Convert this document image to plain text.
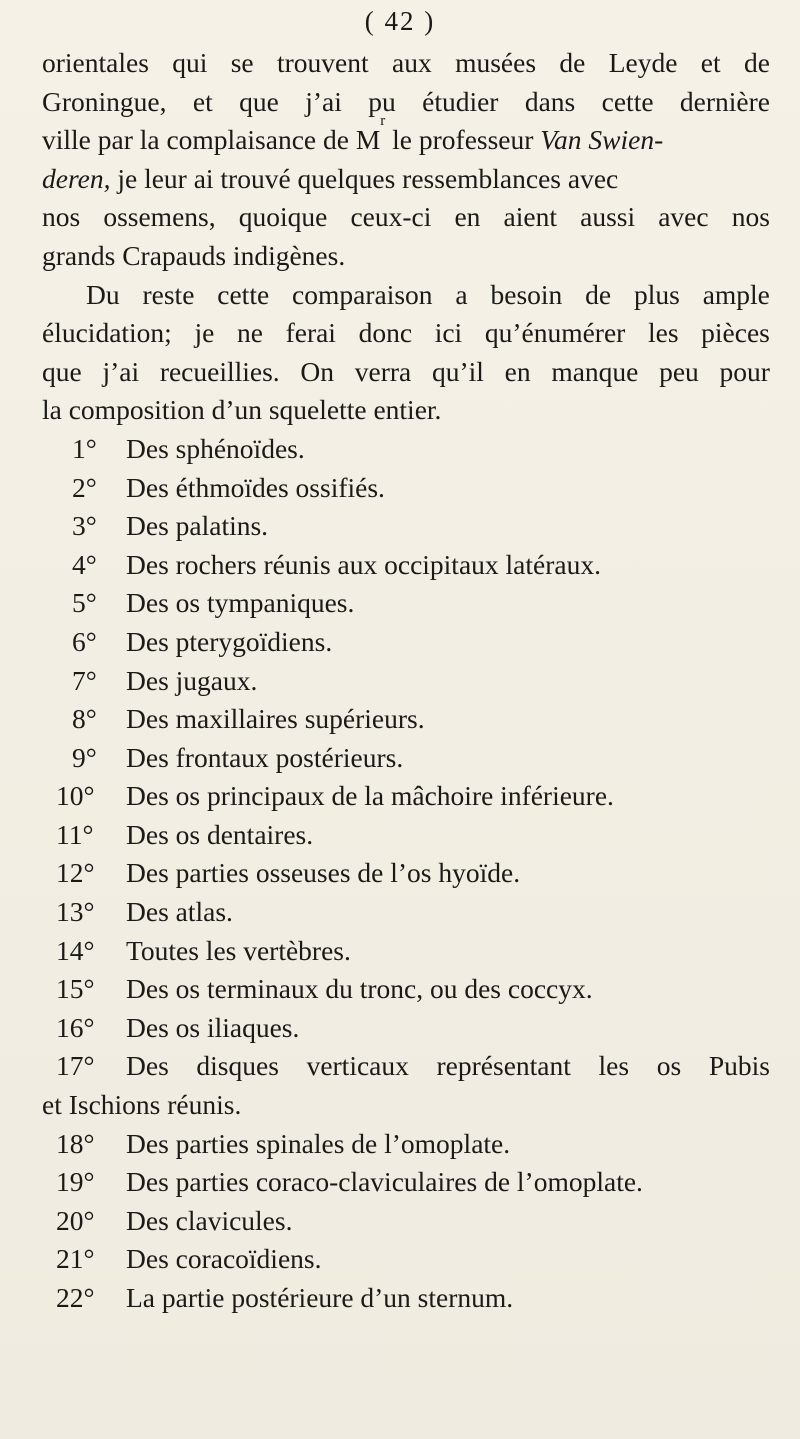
( 42 )
orientales qui se trouvent aux musées de Leyde et de
Groningue, et que j’ai pu étudier dans cette dernière
ville par la complaisance de M
r
le professeur Van Swien-
deren, je leur ai trouvé quelques ressemblances avec
nos ossemens, quoique ceux-ci en aient aussi avec nos
grands Crapauds indigènes.
Du reste cette comparaison a besoin de plus ample
élucidation; je ne ferai donc ici qu’énumérer les pièces
que j’ai recueillies. On verra qu’il en manque peu pour
la composition d’un squelette entier.
1°	Des sphénoïdes.
2°	Des éthmoïdes ossifiés.
3°	Des palatins.
4°	Des rochers réunis aux occipitaux latéraux.
5°	Des os tympaniques.
6°	Des pterygoïdiens.
7°	Des jugaux.
8°	Des maxillaires supérieurs.
9°	Des frontaux postérieurs.
10°	Des os principaux de la mâchoire inférieure.
11°	Des os dentaires.
12°	Des parties osseuses de l’os hyoïde.
13°	Des atlas.
14°	Toutes les vertèbres.
15°	Des os terminaux du tronc, ou des coccyx.
16°	Des os iliaques.
17°	Des disques verticaux représentant les os Pubis
et Ischions réunis.
18°	Des parties spinales de l’omoplate.
19°	Des parties coraco-claviculaires de l’omoplate.
20°	Des clavicules.
21°	Des coracoïdiens.
22°	La partie postérieure d’un sternum.
